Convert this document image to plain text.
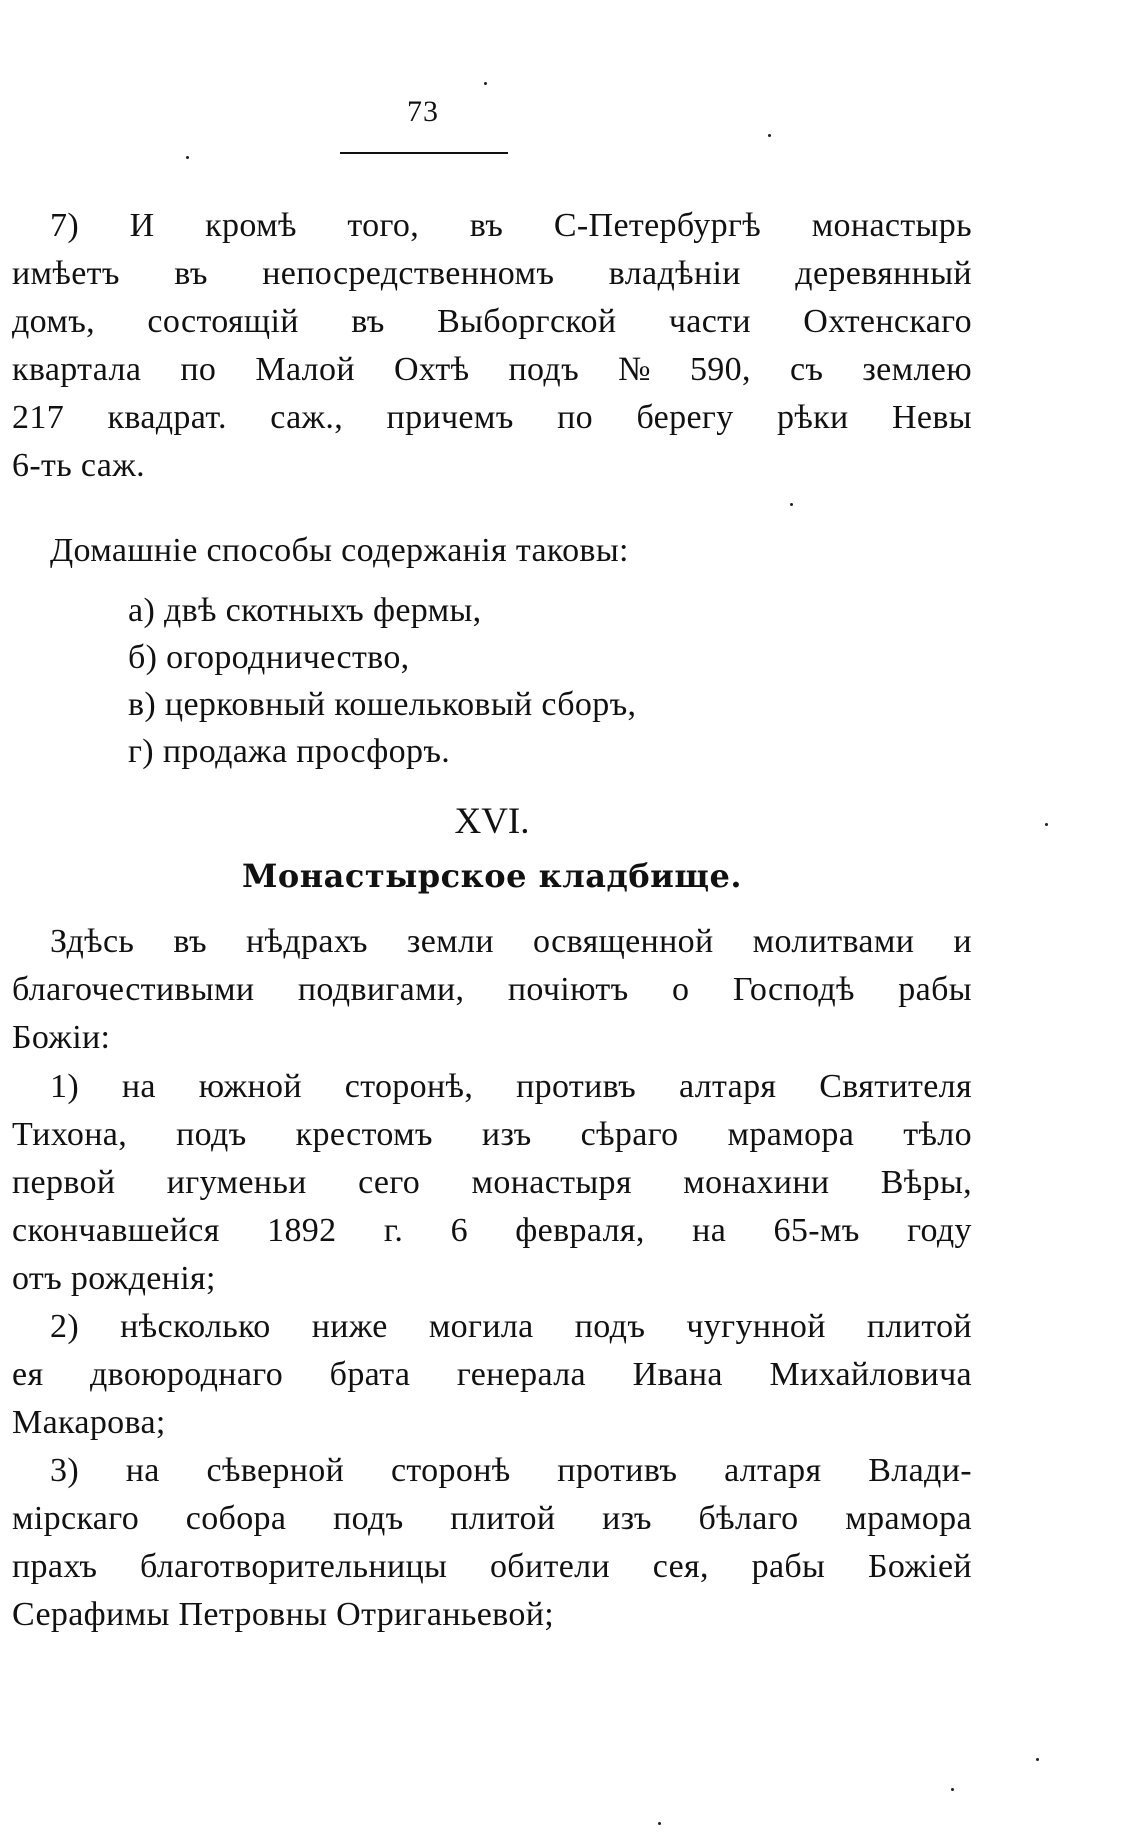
73
7) И кромѣ того, въ С-Петербургѣ монастырь
имѣетъ въ непосредственномъ владѣніи деревянный
домъ, состоящій въ Выборгской части Охтенскаго
квартала по Малой Охтѣ подъ № 590, съ землею
217 квадрат. саж., причемъ по берегу рѣки Невы
6-ть саж.
Домашніе способы содержанія таковы:
а) двѣ скотныхъ фермы,
б) огородничество,
в) церковный кошельковый сборъ,
г) продажа просфоръ.
XVI.
Монастырское кладбище.
Здѣсь въ нѣдрахъ земли освященной молитвами и
благочестивыми подвигами, почіютъ о Господѣ рабы
Божіи:
1) на южной сторонѣ, противъ алтаря Святителя
Тихона, подъ крестомъ изъ сѣраго мрамора тѣло
первой игуменьи сего монастыря монахини Вѣры,
скончавшейся 1892 г. 6 февраля, на 65-мъ году
отъ рожденія;
2) нѣсколько ниже могила подъ чугунной плитой
ея двоюроднаго брата генерала Ивана Михайловича
Макарова;
3) на сѣверной сторонѣ противъ алтаря Влади-
мірскаго собора подъ плитой изъ бѣлаго мрамора
прахъ благотворительницы обители сея, рабы Божіей
Серафимы Петровны Отриганьевой;
